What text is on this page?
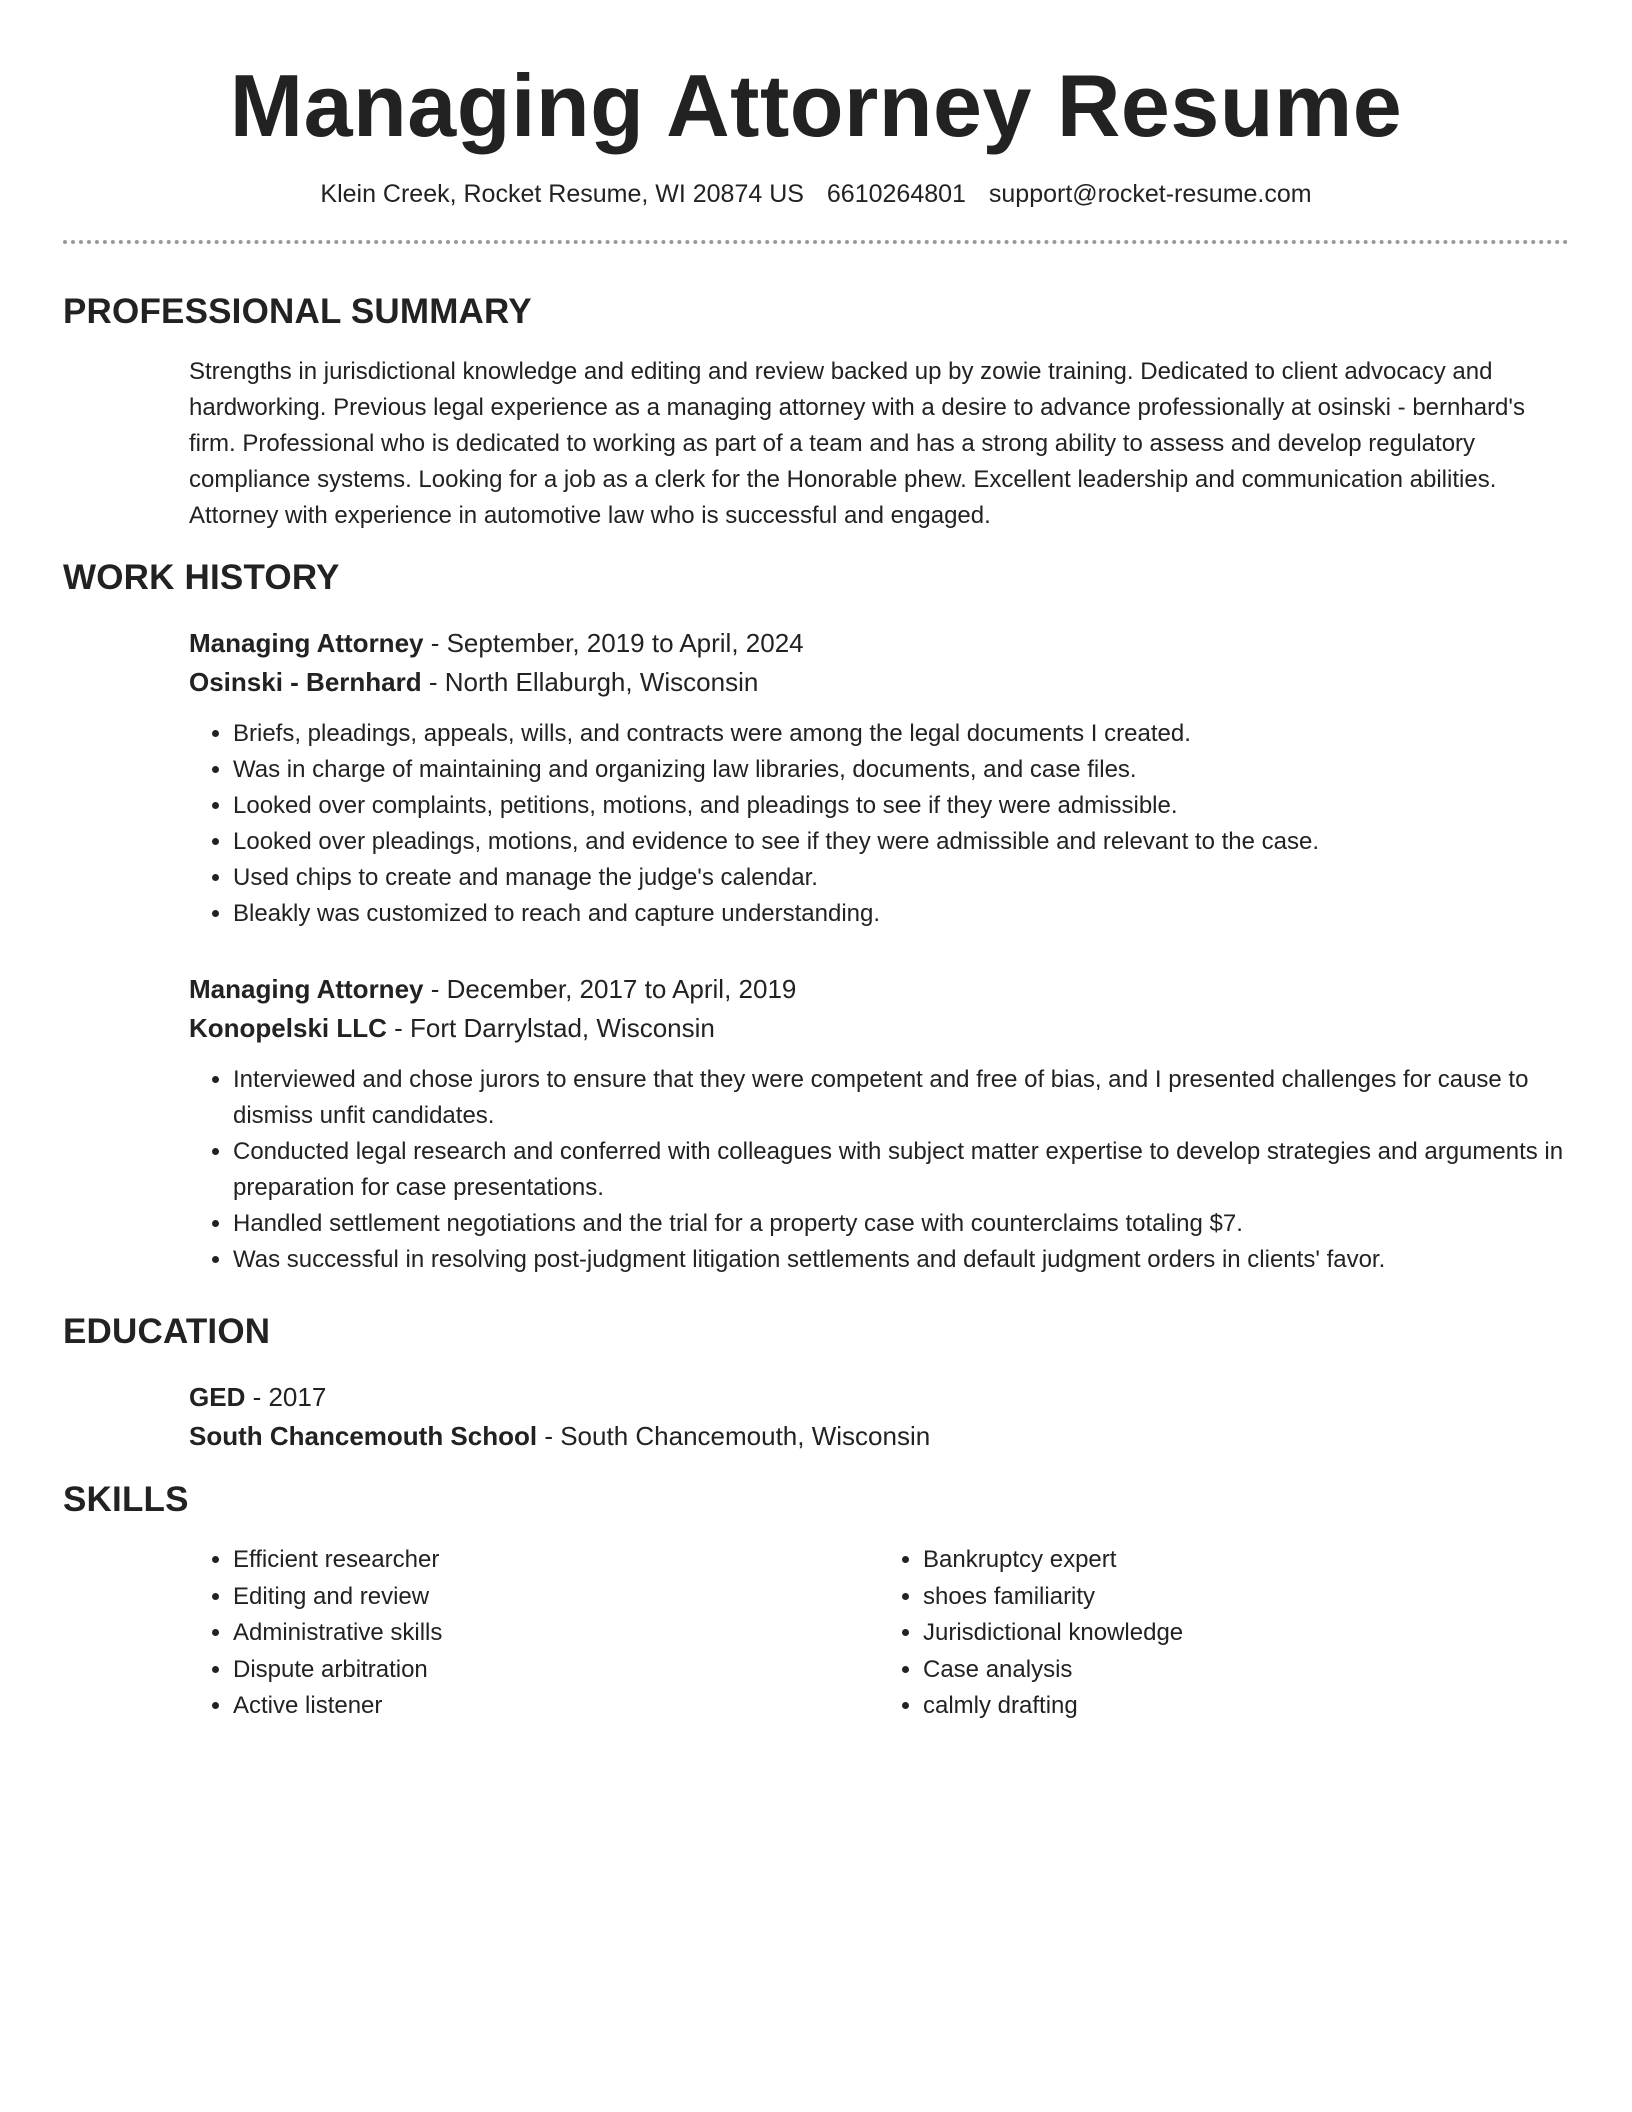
Managing Attorney Resume
Klein Creek, Rocket Resume, WI 20874 US 6610264801 support@rocket-resume.com
PROFESSIONAL SUMMARY
Strengths in jurisdictional knowledge and editing and review backed up by zowie training. Dedicated to client advocacy and hardworking. Previous legal experience as a managing attorney with a desire to advance professionally at osinski - bernhard's firm. Professional who is dedicated to working as part of a team and has a strong ability to assess and develop regulatory compliance systems. Looking for a job as a clerk for the Honorable phew. Excellent leadership and communication abilities. Attorney with experience in automotive law who is successful and engaged.
WORK HISTORY
Managing Attorney - September, 2019 to April, 2024
Osinski - Bernhard - North Ellaburgh, Wisconsin
• Briefs, pleadings, appeals, wills, and contracts were among the legal documents I created.
• Was in charge of maintaining and organizing law libraries, documents, and case files.
• Looked over complaints, petitions, motions, and pleadings to see if they were admissible.
• Looked over pleadings, motions, and evidence to see if they were admissible and relevant to the case.
• Used chips to create and manage the judge's calendar.
• Bleakly was customized to reach and capture understanding.
Managing Attorney - December, 2017 to April, 2019
Konopelski LLC - Fort Darrylstad, Wisconsin
• Interviewed and chose jurors to ensure that they were competent and free of bias, and I presented challenges for cause to dismiss unfit candidates.
• Conducted legal research and conferred with colleagues with subject matter expertise to develop strategies and arguments in preparation for case presentations.
• Handled settlement negotiations and the trial for a property case with counterclaims totaling $7.
• Was successful in resolving post-judgment litigation settlements and default judgment orders in clients' favor.
EDUCATION
GED - 2017
South Chancemouth School - South Chancemouth, Wisconsin
SKILLS
• Efficient researcher
• Editing and review
• Administrative skills
• Dispute arbitration
• Active listener
• Bankruptcy expert
• shoes familiarity
• Jurisdictional knowledge
• Case analysis
• calmly drafting
